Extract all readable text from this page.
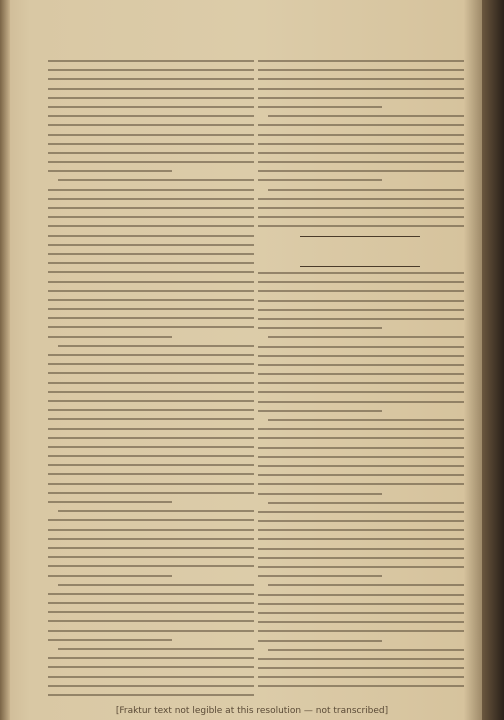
[Fraktur text not legible at this resolution — not transcribed]
